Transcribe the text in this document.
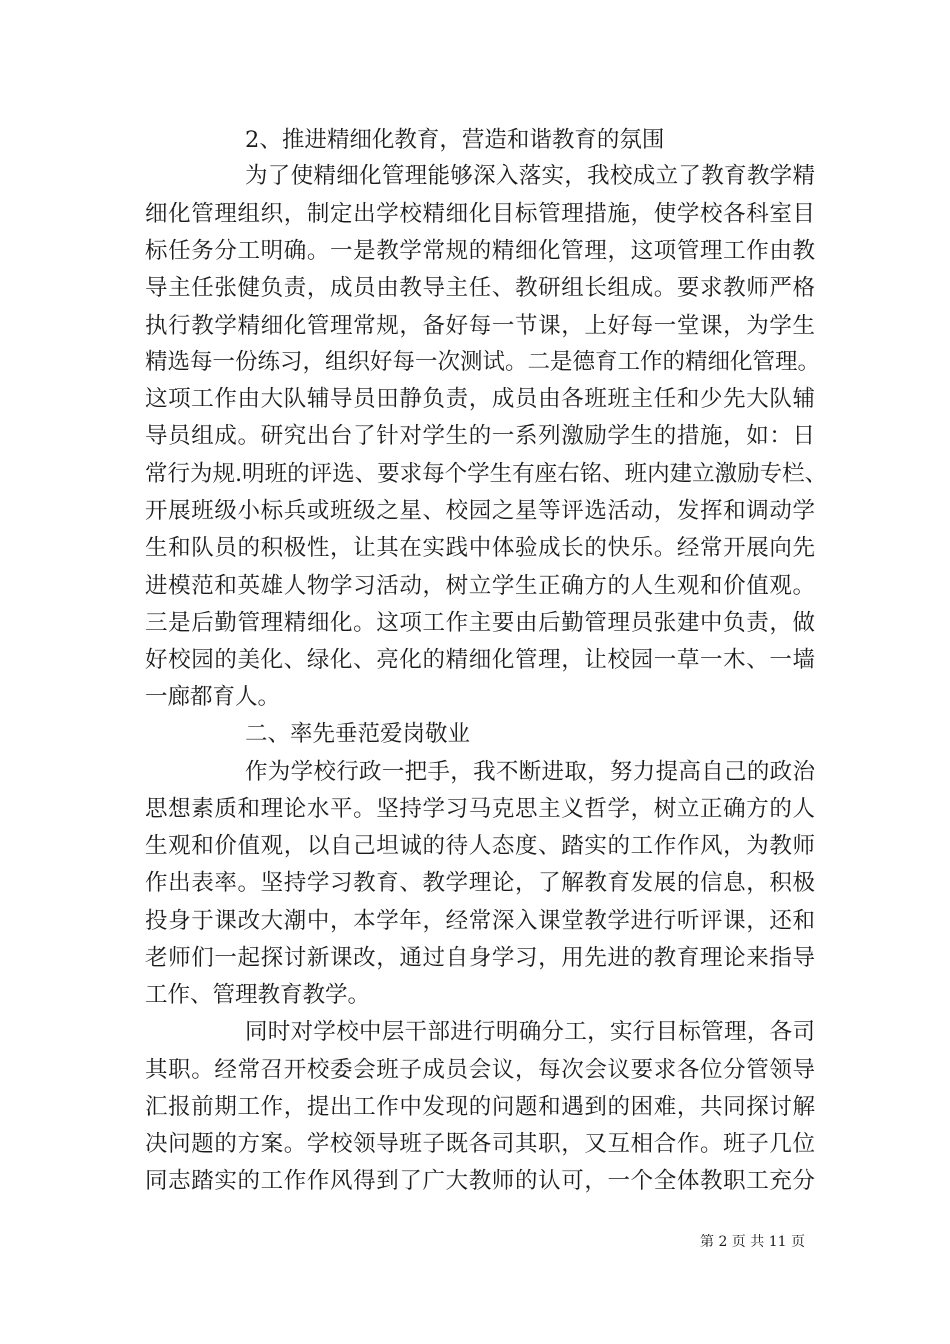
2、推进精细化教育，营造和谐教育的氛围
为了使精细化管理能够深入落实，我校成立了教育教学精
细化管理组织，制定出学校精细化目标管理措施，使学校各科室目
标任务分工明确。一是教学常规的精细化管理，这项管理工作由教
导主任张健负责，成员由教导主任、教研组长组成。要求教师严格
执行教学精细化管理常规，备好每一节课，上好每一堂课，为学生
精选每一份练习，组织好每一次测试。二是德育工作的精细化管理。
这项工作由大队辅导员田静负责，成员由各班班主任和少先大队辅
导员组成。研究出台了针对学生的一系列激励学生的措施，如：日
常行为规.明班的评选、要求每个学生有座右铭、班内建立激励专栏、
开展班级小标兵或班级之星、校园之星等评选活动，发挥和调动学
生和队员的积极性，让其在实践中体验成长的快乐。经常开展向先
进模范和英雄人物学习活动，树立学生正确方的人生观和价值观。
三是后勤管理精细化。这项工作主要由后勤管理员张建中负责，做
好校园的美化、绿化、亮化的精细化管理，让校园一草一木、一墙
一廊都育人。
二、率先垂范爱岗敬业
作为学校行政一把手，我不断进取，努力提高自己的政治
思想素质和理论水平。坚持学习马克思主义哲学，树立正确方的人
生观和价值观，以自己坦诚的待人态度、踏实的工作作风，为教师
作出表率。坚持学习教育、教学理论，了解教育发展的信息，积极
投身于课改大潮中，本学年，经常深入课堂教学进行听评课，还和
老师们一起探讨新课改，通过自身学习，用先进的教育理论来指导
工作、管理教育教学。
同时对学校中层干部进行明确分工，实行目标管理，各司
其职。经常召开校委会班子成员会议，每次会议要求各位分管领导
汇报前期工作，提出工作中发现的问题和遇到的困难，共同探讨解
决问题的方案。学校领导班子既各司其职，又互相合作。班子几位
同志踏实的工作作风得到了广大教师的认可，一个全体教职工充分
第 2 页 共 11 页
